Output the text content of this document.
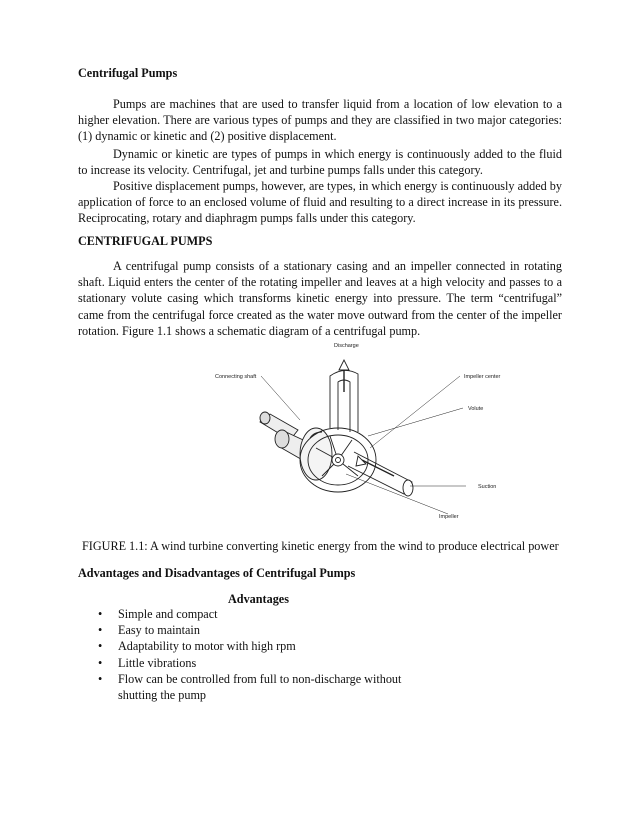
Centrifugal Pumps
Pumps are machines that are used to transfer liquid from a location of low elevation to a higher elevation. There are various types of pumps and they are classified in two major categories: (1) dynamic or kinetic and (2) positive displacement.
Dynamic or kinetic are types of pumps in which energy is continuously added to the fluid to increase its velocity. Centrifugal, jet and turbine pumps falls under this category.
Positive displacement pumps, however, are types, in which energy is continuously added by application of force to an enclosed volume of fluid and resulting to a direct increase in its pressure. Reciprocating, rotary and diaphragm pumps falls under this category.
CENTRIFUGAL PUMPS
A centrifugal pump consists of a stationary casing and an impeller connected in rotating shaft. Liquid enters the center of the rotating impeller and leaves at a high velocity and passes to a stationary volute casing which transforms kinetic energy into pressure. The term “centrifugal” came from the centrifugal force created as the water move outward from the center of the impeller rotation. Figure 1.1 shows a schematic diagram of a centrifugal pump.
Discharge
Connecting shaft	Impeller center
Volute
Suction
Impeller
FIGURE 1.1: A wind turbine converting kinetic energy from the wind to produce electrical power
Advantages and Disadvantages of Centrifugal Pumps
Advantages
• Simple and compact
• Easy to maintain
• Adaptability to motor with high rpm
• Little vibrations
• Flow can be controlled from full to non-discharge without shutting the pump
